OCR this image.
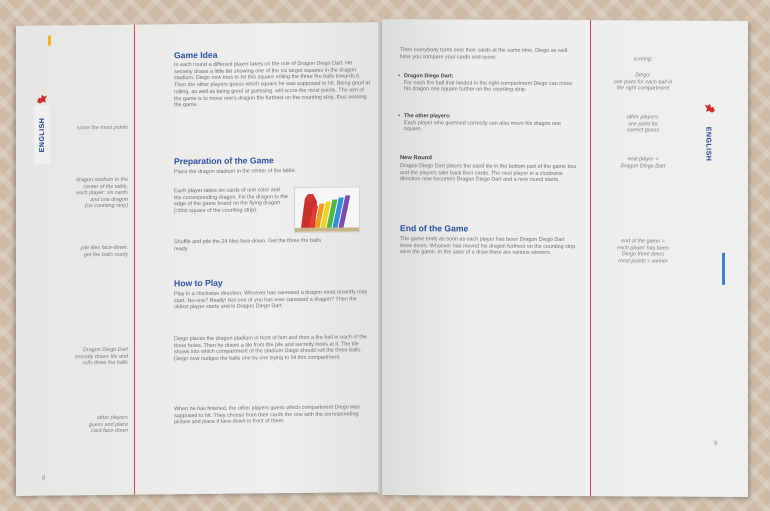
ENGLISH	score the most points
dragon stadium in the
center of the table,
each player: six cards
and one dragon
(on counting strip)
pile tiles face-down,
get fire balls ready
Dragon Diego Dart
secretly draws tile and
rolls three fire balls
other players
guess and place
card face-down
Game Idea

In each round a different player takes on the role of Dragon Diego Dart. He secretly draws a little tile showing one of the six target squares in the dragon stadium. Diego now tries to hit this square rolling the three fire balls towards it. Then the other players guess which square he was supposed to hit. Being good at rolling, as well as being good at guessing, will score the most points. The aim of the game is to move one's dragon the furthest on the counting strip, thus winning the game.

Preparation of the Game

Place the dragon stadium in the center of the table.

Each player takes six cards of one color and the corresponding dragon. Fix the dragon to the edge of the game board on the flying dragon (=first square of the counting strip).

Shuffle and pile the 24 tiles face-down. Get the three fire balls ready.

How to Play

Play in a clockwise direction. Whoever has caressed a dragon most recently may start. No-one? Really! Not one of you has ever caressed a dragon? Then the oldest player starts and is Dragon Diego Dart.

Diego places the dragon stadium in front of him and then a fire ball in each of the three holes. Then he draws a tile from the pile and secretly looks at it. The tile shows into which compartment of the stadium Diego should roll the three balls. Diego now nudges the balls one by one trying to hit this compartment.

When he has finished, the other players guess which compartment Diego was supposed to hit. They choose from their cards the one with the corresponding picture and place it face-down in front of them.

8

Then everybody turns over their cards at the same time, Diego as well. Now you compare your cards and score:

• Dragon Diego Dart:
For each fire ball that landed in the right compartment Diego can move his dragon one square further on the counting strip.
• The other players:
Each player who guessed correctly can also move his dragon one square.
New Round

Dragon Diego Dart places the used tile in the bottom part of the game box and the players take back their cards. The next player in a clockwise direction now becomes Dragon Diego Dart and a new round starts.

End of the Game

The game ends as soon as each player has been Dragon Diego Dart three times. Whoever has moved his dragon furthest on the counting strip, wins the game. In the case of a draw there are various winners.

scoring:
Diego:
one point for each ball in
the right compartment
other players:
one point for
correct guess
next player =
Dragon Diego Dart
end of the game =
each player has been
Diego three times
most points = winner
ENGLISH
9
